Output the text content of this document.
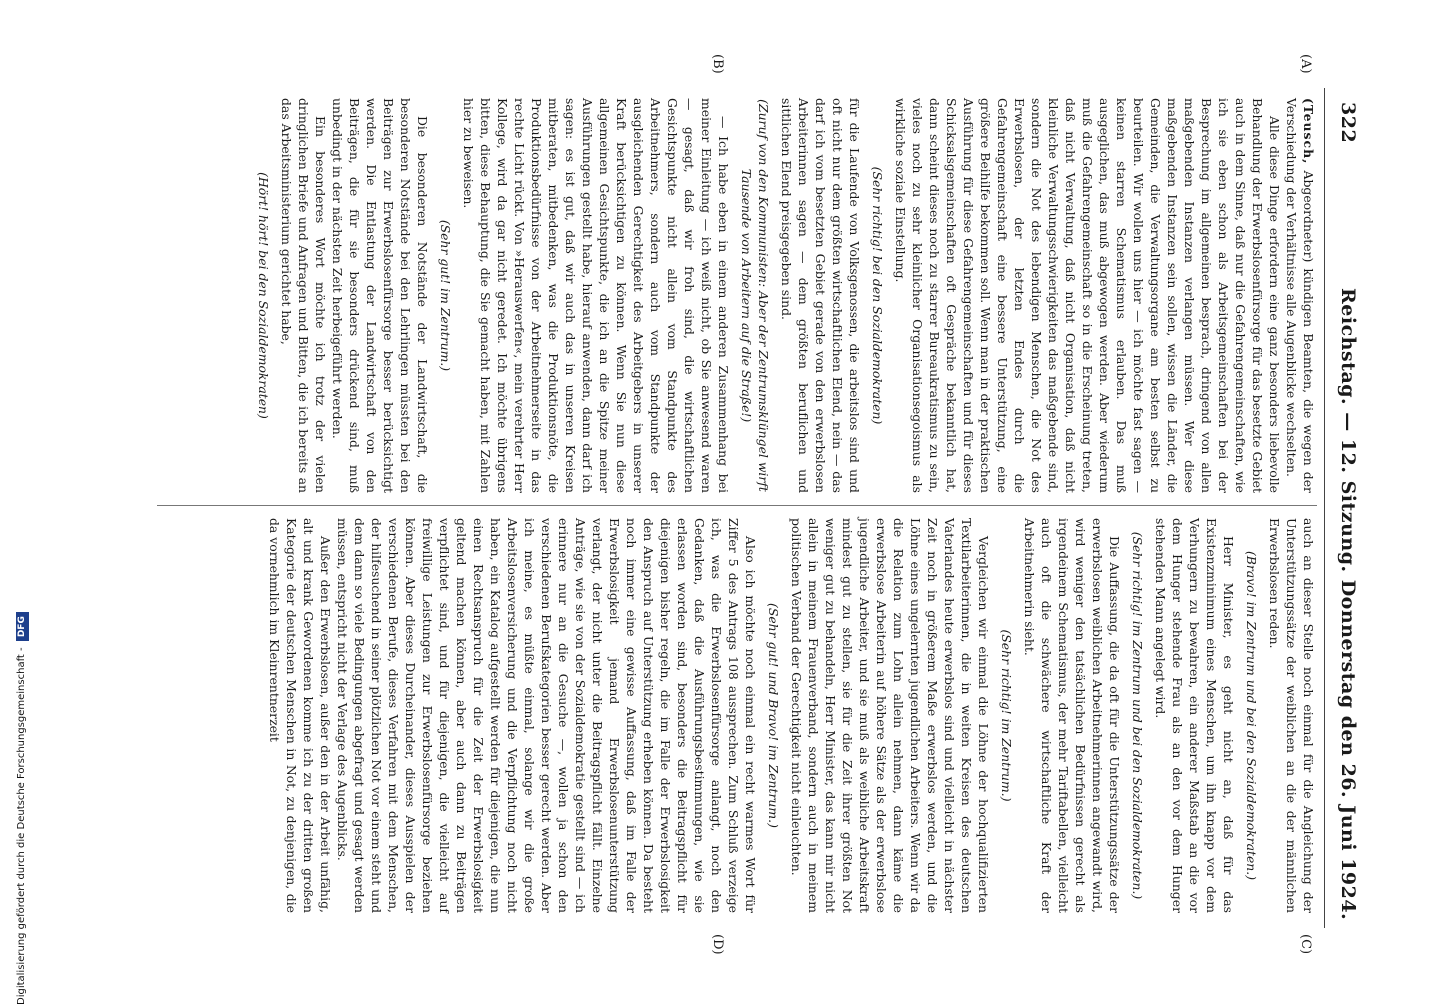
322
Reichstag. — 12. Sitzung. Donnerstag den 26. Juni 1924.
(A)
(B)
(C)
(D)

(Teusch, Abgeordneter) kündigen Beamten, die wegen der Verschiedung der Verhältnisse alle Augenblicke wechselten.

Alle diese Dinge erfordern eine ganz besonders liebevolle Behandlung der Erwerbslosenfürsorge für das besetzte Gebiet auch in dem Sinne, daß nur die Gefahrengemeinschaften, wie ich sie eben schon als Arbeitsgemeinschaften bei der Besprechung im allgemeinen besprach, dringend von allen maßgebenden Instanzen verlangen müssen. Wer diese maßgebenden Instanzen sein sollen, wissen die Länder, die Gemeinden, die Verwaltungsorgane am besten selbst zu beurteilen. Wir wollen uns hier — ich möchte fast sagen — keinen starren Schematismus erlauben. Das muß ausgeglichen, das muß abgewogen werden. Aber wiederum muß die Gefahrengemeinschaft so in die Erscheinung treten, daß nicht Verwaltung, daß nicht Organisation, daß nicht kleinliche Verwaltungsschwierigkeiten das maßgebende sind, sondern die Not des lebendigen Menschen, die Not des Erwerbslosen, der letzten Endes durch die Gefahrengemeinschaft eine bessere Unterstützung, eine größere Beihilfe bekommen soll. Wenn man in der praktischen Ausführung für diese Gefahrengemeinschaften und für dieses Schicksalsgemeinschaften oft Gespräche bekanntlich hat, dann scheint dieses noch zu starrer Bureaukratismus zu sein, vieles noch zu sehr kleinlicher Organisationsegoismus als wirkliche soziale Einstellung.

(Sehr richtig! bei den Sozialdemokraten)

für die Laufende von Volksgenossen, die arbeitslos sind und oft nicht nur dem größten wirtschaftlichen Elend, nein — das darf ich vom besetzten Gebiet gerade von den erwerbslosen Arbeiterinnen sagen — dem größten beruflichen und sittlichen Elend preisgegeben sind.

(Zuruf von den Kommunisten: Aber der Zentrumsklüngel wirft Tausende von Arbeitern auf die Straße!)

— Ich habe eben in einem anderen Zusammenhang bei meiner Einleitung — ich weiß nicht, ob Sie anwesend waren — gesagt, daß wir froh sind, die wirtschaftlichen Gesichtspunkte nicht allein vom Standpunkte des Arbeitnehmers, sondern auch vom Standpunkte der ausgleichenden Gerechtigkeit des Arbeitgebers in unserer Kraft berücksichtigen zu können. Wenn Sie nun diese allgemeinen Gesichtspunkte, die ich an die Spitze meiner Ausführungen gestellt habe, hierauf anwenden, dann darf ich sagen: es ist gut, daß wir auch das in unseren Kreisen mitberaten, mitbedenken, was die Produktionsnöte, die Produktionsbedürfnisse von der Arbeitnehmerseite in das rechte Licht rückt. Von »Herauswerfen«, mein verehrter Herr Kollege, wird da gar nicht geredet. Ich möchte übrigens bitten, diese Behauptung, die Sie gemacht haben, mit Zahlen hier zu beweisen.

(Sehr gut! im Zentrum.)

Die besonderen Notstände der Landwirtschaft, die besonderen Notstände bei den Lehrlingen müssten bei den Beiträgen zur Erwerbslosenfürsorge besser berücksichtigt werden. Die Entlastung der Landwirtschaft von den Beiträgen, die für sie besonders drückend sind, muß unbedingt in der nächsten Zeit herbeigeführt werden.

Ein besonderes Wort möchte ich trotz der vielen dringlichen Briefe und Anfragen und Bitten, die ich bereits an das Arbeitsministerium gerichtet habe,

(Hört! hört! bei den Sozialdemokraten)

auch an dieser Stelle noch einmal für die Angleichung der Unterstützungssätze der weiblichen an die der männlichen Erwerbslosen reden.

(Bravo! im Zentrum und bei den Sozialdemokraten.)

Herr Minister, es geht nicht an, daß für das Existenzminimum eines Menschen, um ihn knapp vor dem Verhungern zu bewahren, ein anderer Maßstab an die vor dem Hunger stehende Frau als an den vor dem Hunger stehenden Mann angelegt wird.

(Sehr richtig! im Zentrum und bei den Sozialdemokraten.)

Die Auffassung, die da oft für die Unterstützungssätze der erwerbslosen weiblichen Arbeitnehmerinnen angewandt wird, wird weniger den tatsächlichen Bedürfnissen gerecht als irgendeinem Schematismus, der mehr Tariftabellen, vielleicht auch oft die schwächere wirtschaftliche Kraft der Arbeitnehmerin sieht.

(Sehr richtig! im Zentrum.)

Vergleichen wir einmal die Löhne der hochqualifizierten Textilarbeiterinnen, die in weiten Kreisen des deutschen Vaterlandes heute erwerbslos sind und vielleicht in nächster Zeit noch in größerem Maße erwerbslos werden, und die Löhne eines ungelernten jugendlichen Arbeiters. Wenn wir da die Relation zum Lohn allein nehmen, dann käme die erwerbslose Arbeiterin auf höhere Sätze als der erwerbslose jugendliche Arbeiter, und sie muß als weibliche Arbeitskraft mindest gut zu stellen, sie für die Zeit ihrer größten Not weniger gut zu behandeln, Herr Minister, das kann mir nicht allein in meinem Frauenverband, sondern auch in meinem politischen Verband der Gerechtigkeit nicht einleuchten.

(Sehr gut! und Bravo! im Zentrum.)

Also ich möchte noch einmal ein recht warmes Wort für Ziffer 5 des Antrags 108 aussprechen. Zum Schluß verzeige ich, was die Erwerbslosenfürsorge anlangt, noch den Gedanken, daß die Ausführungsbestimmungen, wie sie erlassen worden sind, besonders die Beitragspflicht für diejenigen bisher regeln, die im Falle der Erwerbslosigkeit den Anspruch auf Unterstützung erheben können. Da besteht noch immer eine gewisse Auffassung, daß im Falle der Erwerbslosigkeit jemand Erwerbslosenunterstützung verlangt, der nicht unter die Beitragspflicht fällt. Einzelne Anträge, wie sie von der Sozialdemokratie gestellt sind — ich erinnere nur an die Gesuche —, wollen ja schon den verschiedenen Berufskategorien besser gerecht werden. Aber ich meine, es müßte einmal, solange wir die große Arbeitslosenversicherung und die Verpflichtung noch nicht haben, ein Katalog aufgestellt werden für diejenigen, die nun einen Rechtsanspruch für die Zeit der Erwerbslosigkeit geltend machen können, aber auch dann zu Beiträgen verpflichtet sind, und für diejenigen, die vielleicht auf freiwillige Leistungen zur Erwerbslosenfürsorge beziehen können. Aber dieses Durcheinander, dieses Ausspielen der verschiedenen Berufe, dieses Verfahren mit dem Menschen, der hilfesuchend in seiner plötzlichen Not vor einem steht und dem dann so viele Bedingungen abgefragt und gesagt werden müssen, entspricht nicht der Verlage des Augenblicks.

Außer den Erwerbslosen, außer den in der Arbeit unfähig, alt und krank Gewordenen komme ich zu der dritten großen Kategorie der deutschen Menschen in Not, zu denjenigen, die da vornehmlich im Kleinrentnerzeit

Digitalisierung gefördert durch die Deutsche Forschungsgemeinschaft - DFG
